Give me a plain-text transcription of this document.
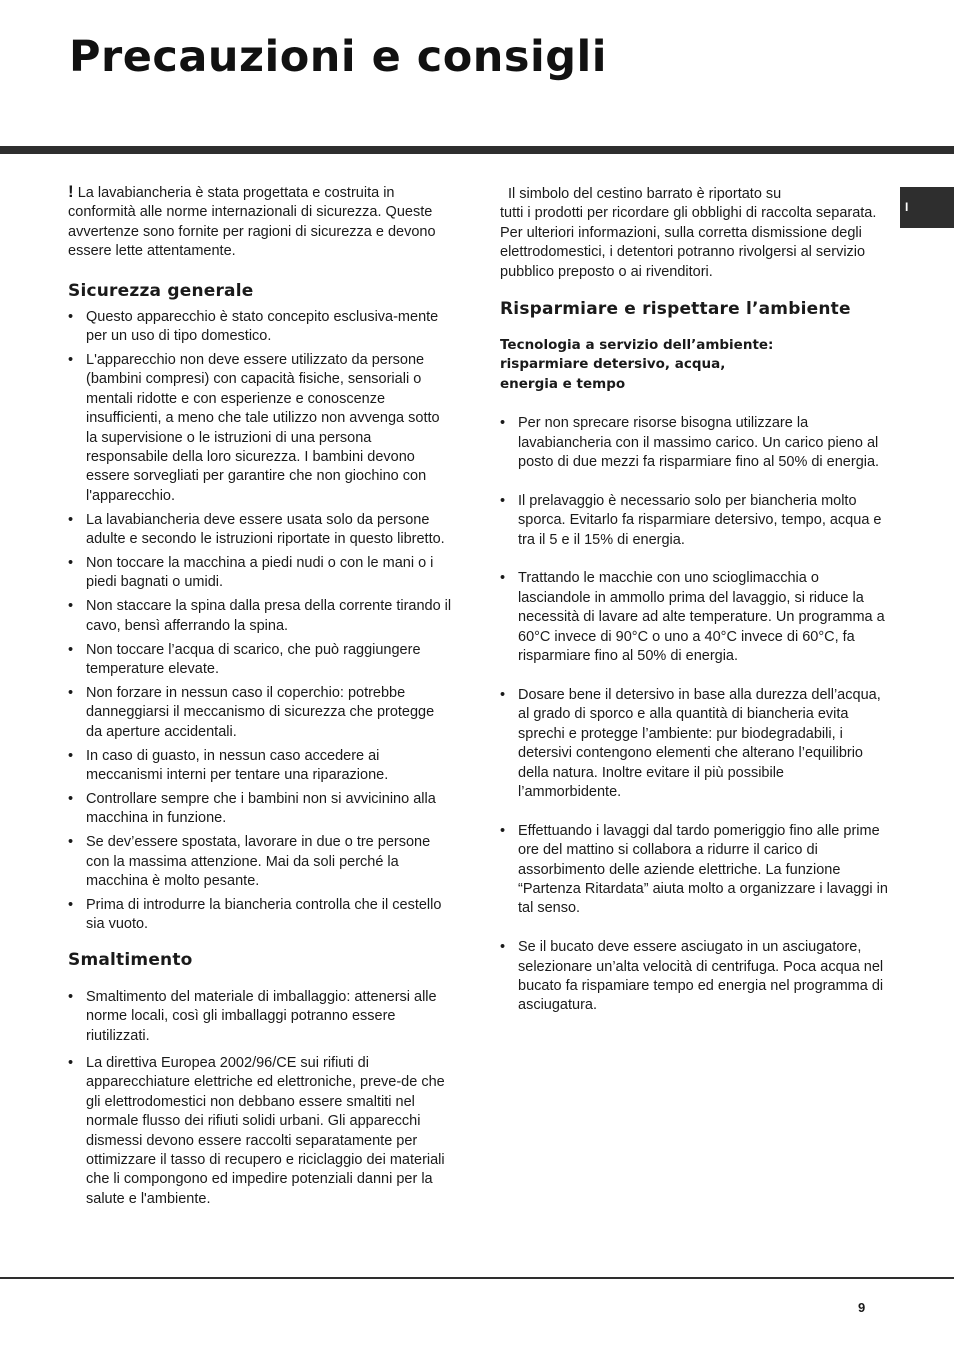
Precauzioni e consigli
I

! La lavabiancheria è stata progettata e costruita in conformità alle norme internazionali di sicurezza. Queste avvertenze sono fornite per ragioni di sicurezza e devono essere lette attentamente.

Sicurezza generale
• Questo apparecchio è stato concepito esclusiva-mente per un uso di tipo domestico.
• L'apparecchio non deve essere utilizzato da persone (bambini compresi) con capacità fisiche, sensoriali o mentali ridotte e con esperienze e conoscenze insufficienti, a meno che tale utilizzo non avvenga sotto la supervisione o le istruzioni di una persona responsabile della loro sicurezza. I bambini devono essere sorvegliati per garantire che non giochino con l'apparecchio.
• La lavabiancheria deve essere usata solo da persone adulte e secondo le istruzioni riportate in questo libretto.
• Non toccare la macchina a piedi nudi o con le mani o i piedi bagnati o umidi.
• Non staccare la spina dalla presa della corrente tirando il cavo, bensì afferrando la spina.
• Non toccare l’acqua di scarico, che può raggiungere temperature elevate.
• Non forzare in nessun caso il coperchio: potrebbe danneggiarsi il meccanismo di sicurezza che protegge da aperture accidentali.
• In caso di guasto, in nessun caso accedere ai meccanismi interni per tentare una riparazione.
• Controllare sempre che i bambini non si avvicinino alla macchina in funzione.
• Se dev’essere spostata, lavorare in due o tre persone con la massima attenzione. Mai da soli perché la macchina è molto pesante.
• Prima di introdurre la biancheria controlla che il cestello sia vuoto.
Smaltimento
• Smaltimento del materiale di imballaggio: attenersi alle norme locali, così gli imballaggi potranno essere riutilizzati.
• La direttiva Europea 2002/96/CE sui rifiuti di apparecchiature elettriche ed elettroniche, preve-de che gli elettrodomestici non debbano essere smaltiti nel normale flusso dei rifiuti solidi urbani. Gli apparecchi dismessi devono essere raccolti separatamente per ottimizzare il tasso di recupero e riciclaggio dei materiali che li compongono ed impedire potenziali danni per la salute e l'ambiente.

Il simbolo del cestino barrato è riportato su

tutti i prodotti per ricordare gli obblighi di raccolta separata. Per ulteriori informazioni, sulla corretta dismissione degli elettrodomestici, i detentori potranno rivolgersi al servizio pubblico preposto o ai rivenditori.

Risparmiare e rispettare l’ambiente
Tecnologia a servizio dell’ambiente:
risparmiare detersivo, acqua,
energia e tempo
• Per non sprecare risorse bisogna utilizzare la lavabiancheria con il massimo carico. Un carico pieno al posto di due mezzi fa risparmiare fino al 50% di energia.
• Il prelavaggio è necessario solo per biancheria molto sporca. Evitarlo fa risparmiare detersivo, tempo, acqua e tra il 5 e il 15% di energia.
• Trattando le macchie con uno scioglimacchia o lasciandole in ammollo prima del lavaggio, si riduce la necessità di lavare ad alte temperature. Un programma a 60°C invece di 90°C o uno a 40°C invece di 60°C, fa risparmiare fino al 50% di energia.
• Dosare bene il detersivo in base alla durezza dell’acqua, al grado di sporco e alla quantità di biancheria evita sprechi e protegge l’ambiente: pur biodegradabili, i detersivi contengono elementi che alterano l’equilibrio della natura. Inoltre evitare il più possibile l’ammorbidente.
• Effettuando i lavaggi dal tardo pomeriggio fino alle prime ore del mattino si collabora a ridurre il carico di assorbimento delle aziende elettriche. La funzione “Partenza Ritardata” aiuta molto a organizzare i lavaggi in tal senso.
• Se il bucato deve essere asciugato in un asciugatore, selezionare un’alta velocità di centrifuga. Poca acqua nel bucato fa rispamiare tempo ed energia nel programma di asciugatura.
9
